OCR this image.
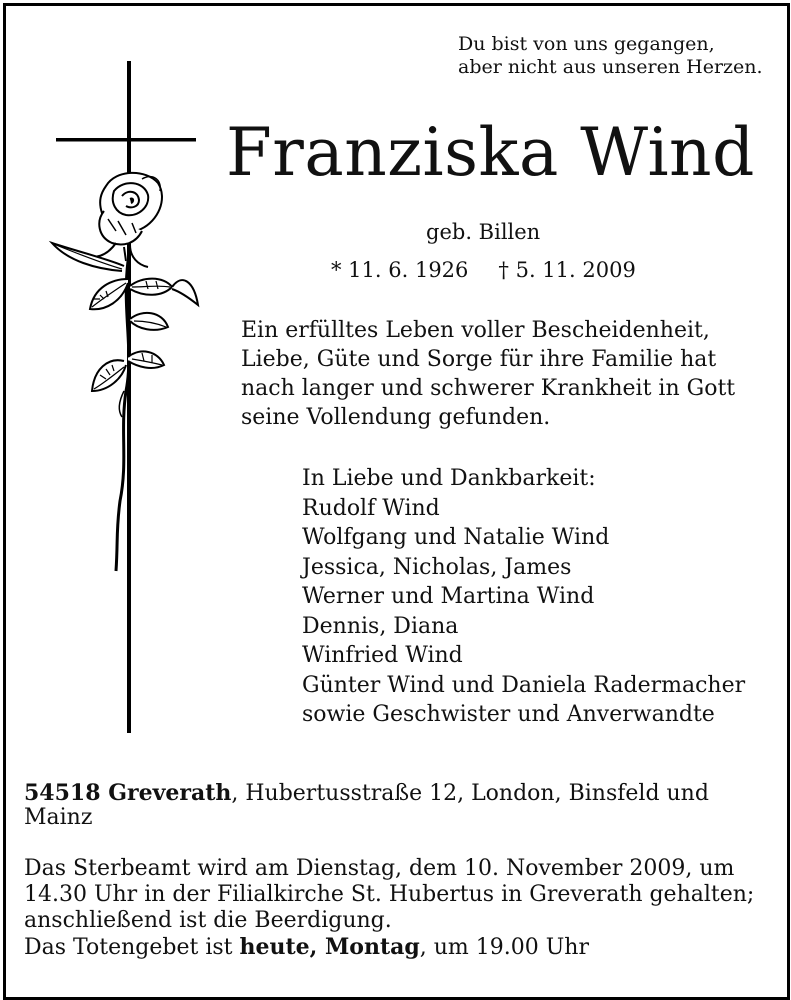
Du bist von uns gegangen,
aber nicht aus unseren Herzen.
Franziska Wind
geb. Billen
* 11. 6. 1926 † 5. 11. 2009
Ein erfülltes Leben voller Bescheidenheit,
Liebe, Güte und Sorge für ihre Familie hat
nach langer und schwerer Krankheit in Gott
seine Vollendung gefunden.
In Liebe und Dankbarkeit:
Rudolf Wind
Wolfgang und Natalie Wind
Jessica, Nicholas, James
Werner und Martina Wind
Dennis, Diana
Winfried Wind
Günter Wind und Daniela Radermacher
sowie Geschwister und Anverwandte
54518 Greverath, Hubertusstraße 12, London, Binsfeld und Mainz
Das Sterbeamt wird am Dienstag, dem 10. November 2009, um
14.30 Uhr in der Filialkirche St. Hubertus in Greverath gehalten;
anschließend ist die Beerdigung.
Das Totengebet ist heute, Montag, um 19.00 Uhr
